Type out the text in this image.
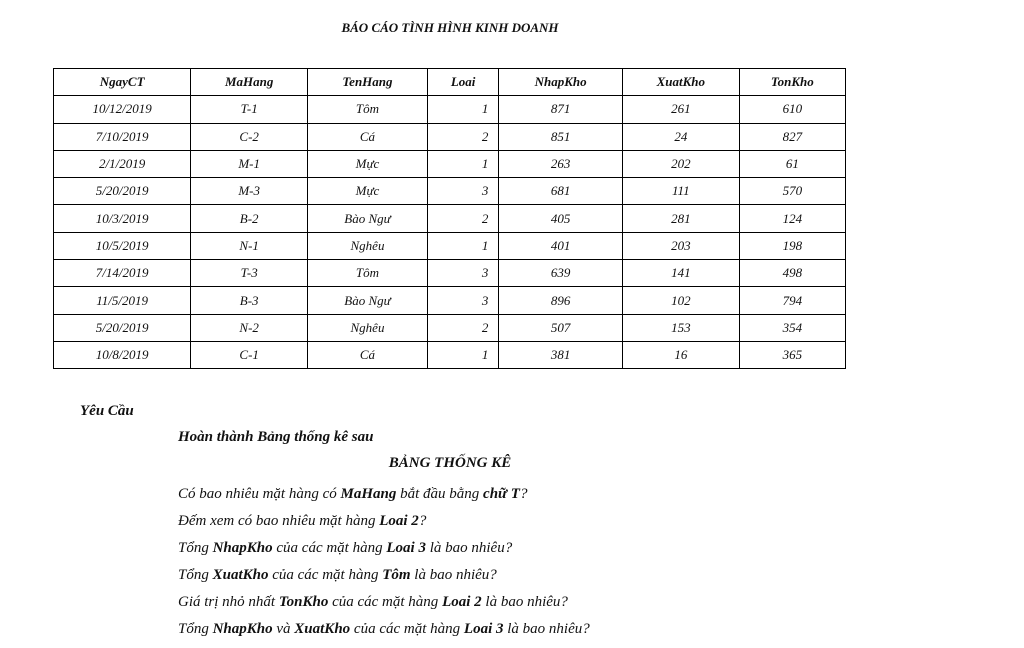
BÁO CÁO TÌNH HÌNH KINH DOANH
NgayCT	MaHang	TenHang	Loai	NhapKho	XuatKho	TonKho
10/12/2019	T-1	Tôm	1	871	261	610
7/10/2019	C-2	Cá	2	851	24	827
2/1/2019	M-1	Mực	1	263	202	61
5/20/2019	M-3	Mực	3	681	111	570
10/3/2019	B-2	Bào Ngư	2	405	281	124
10/5/2019	N-1	Nghêu	1	401	203	198
7/14/2019	T-3	Tôm	3	639	141	498
11/5/2019	B-3	Bào Ngư	3	896	102	794
5/20/2019	N-2	Nghêu	2	507	153	354
10/8/2019	C-1	Cá	1	381	16	365
Yêu Cầu
Hoàn thành Bảng thống kê sau
BẢNG THỐNG KÊ
Có bao nhiêu mặt hàng có MaHang bắt đầu bằng chữ T?
Đếm xem có bao nhiêu mặt hàng Loai 2?
Tổng NhapKho của các mặt hàng Loai 3 là bao nhiêu?
Tổng XuatKho của các mặt hàng Tôm là bao nhiêu?
Giá trị nhỏ nhất TonKho của các mặt hàng Loai 2 là bao nhiêu?
Tổng NhapKho và XuatKho của các mặt hàng Loai 3 là bao nhiêu?
